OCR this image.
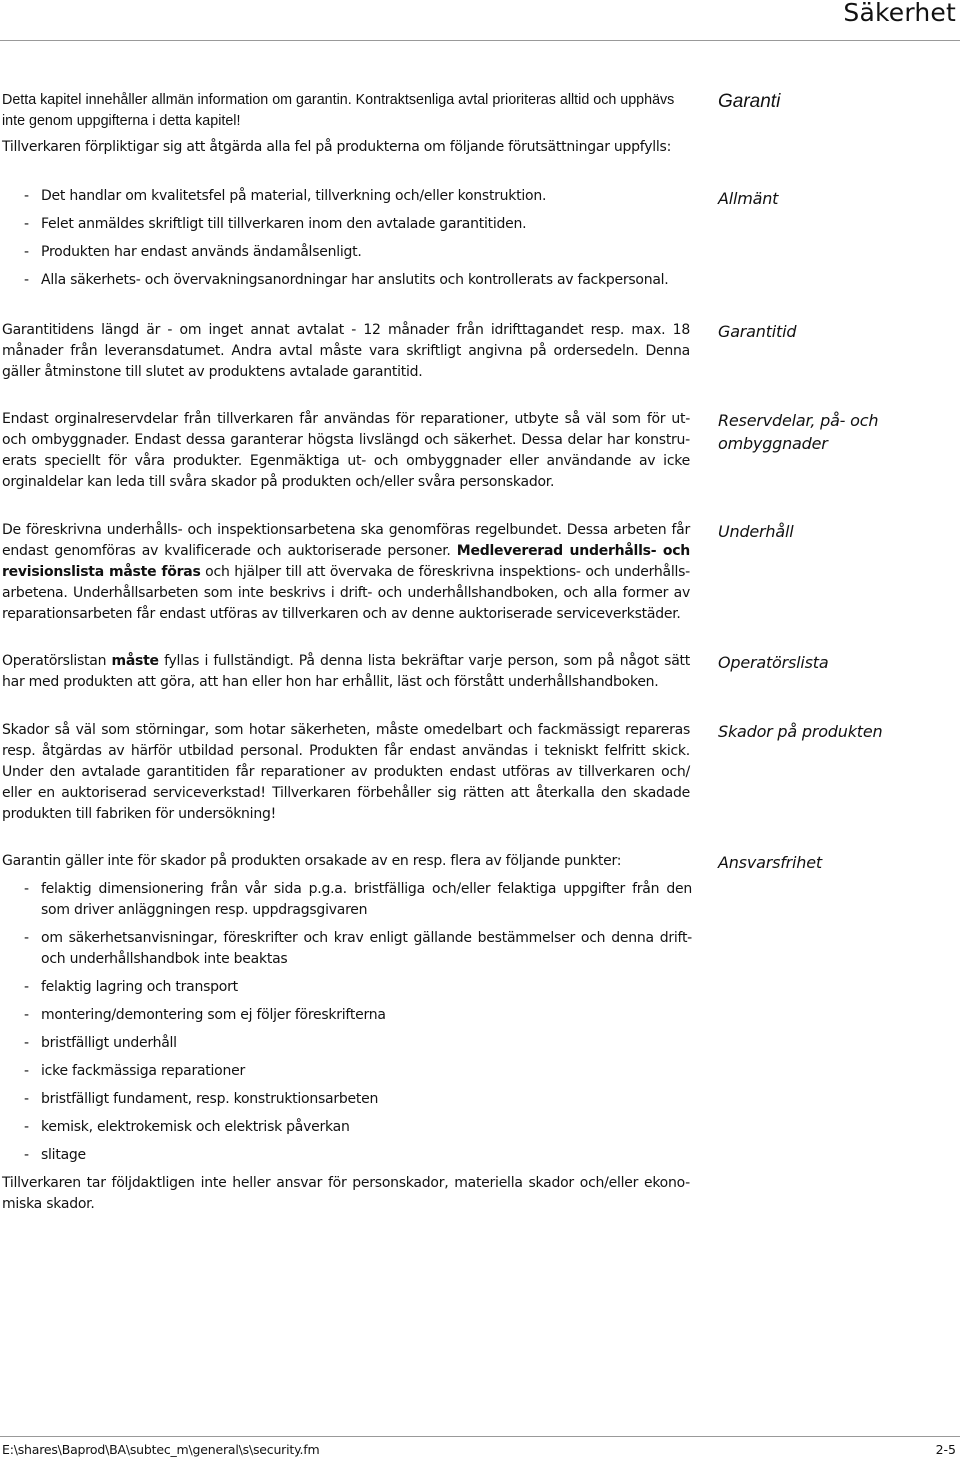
Säkerhet
Detta kapitel innehåller allmän information om garantin. Kontraktsenliga avtal prioriteras alltid och upphävs inte genom uppgifterna i detta kapitel!
Tillverkaren förpliktigar sig att åtgärda alla fel på produkterna om följande förutsättningar uppfylls:
- Det handlar om kvalitetsfel på material, tillverkning och/eller konstruktion.
- Felet anmäldes skriftligt till tillverkaren inom den avtalade garantitiden.
- Produkten har endast används ändamålsenligt.
- Alla säkerhets- och övervakningsanordningar har anslutits och kontrollerats av fackpersonal.
Garanti
Allmänt
Garantitid
Reservdelar, på- och ombyggnader
Underhåll
Operatörslista
Skador på produkten
Ansvarsfrihet
Garantitidens längd är - om inget annat avtalat - 12 månader från idrifttagandet resp. max. 18 månader från leveransdatumet. Andra avtal måste vara skriftligt angivna på ordersedeln. Denna gäller åtminstone till slutet av produktens avtalade garantitid.
Endast orginalreservdelar från tillverkaren får användas för reparationer, utbyte så väl som för ut-och ombyggnader. Endast dessa garanterar högsta livslängd och säkerhet. Dessa delar har konstru-erats speciellt för våra produkter. Egenmäktiga ut- och ombyggnader eller användande av icke orginaldelar kan leda till svåra skador på produkten och/eller svåra personskador.
De föreskrivna underhålls- och inspektionsarbetena ska genomföras regelbundet. Dessa arbeten får endast genomföras av kvalificerade och auktoriserade personer. Medlevererad underhålls- och revisionslista måste föras och hjälper till att övervaka de föreskrivna inspektions- och underhålls-arbetena. Underhållsarbeten som inte beskrivs i drift- och underhållshandboken, och alla former av reparationsarbeten får endast utföras av tillverkaren och av denne auktoriserade serviceverkstäder.
Operatörslistan måste fyllas i fullständigt. På denna lista bekräftar varje person, som på något sätt har med produkten att göra, att han eller hon har erhållit, läst och förstått underhållshandboken.
Skador så väl som störningar, som hotar säkerheten, måste omedelbart och fackmässigt repareras resp. åtgärdas av härför utbildad personal. Produkten får endast användas i tekniskt felfritt skick. Under den avtalade garantitiden får reparationer av produkten endast utföras av tillverkaren och/ eller en auktoriserad serviceverkstad! Tillverkaren förbehåller sig rätten att återkalla den skadade produkten till fabriken för undersökning!
Garantin gäller inte för skador på produkten orsakade av en resp. flera av följande punkter:
- felaktig dimensionering från vår sida p.g.a. bristfälliga och/eller felaktiga uppgifter från den som driver anläggningen resp. uppdragsgivaren
- om säkerhetsanvisningar, föreskrifter och krav enligt gällande bestämmelser och denna drift-och underhållshandbok inte beaktas
- felaktig lagring och transport
- montering/demontering som ej följer föreskrifterna
- bristfälligt underhåll
- icke fackmässiga reparationer
- bristfälligt fundament, resp. konstruktionsarbeten
- kemisk, elektrokemisk och elektrisk påverkan
- slitage
Tillverkaren tar följdaktligen inte heller ansvar för personskador, materiella skador och/eller ekono-miska skador.
E:\shares\Baprod\BA\subtec_m\general\s\security.fm	2-5
